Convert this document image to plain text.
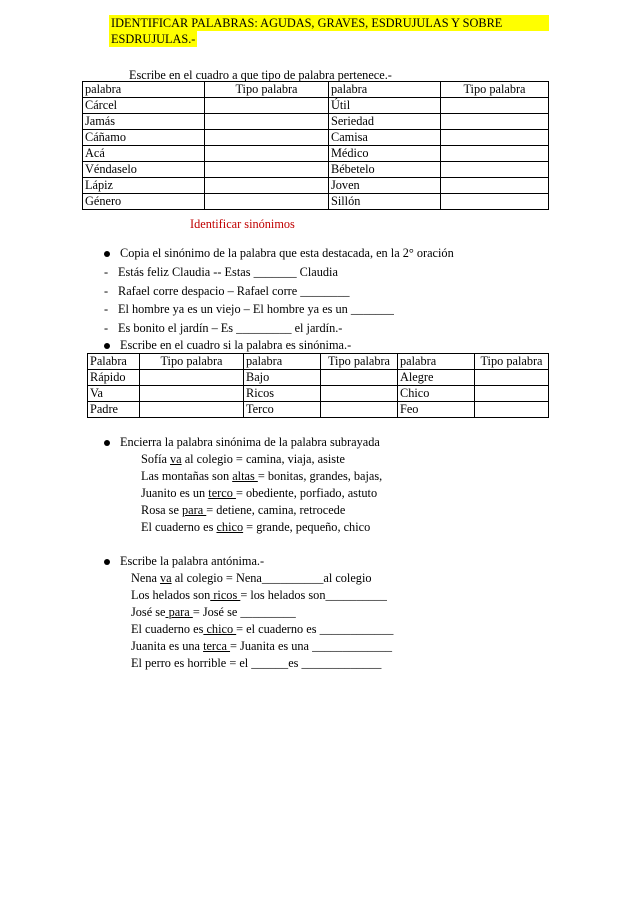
IDENTIFICAR PALABRAS: AGUDAS, GRAVES, ESDRUJULAS Y SOBRE
ESDRUJULAS.-
Escribe en el cuadro a que tipo de palabra pertenece.-
palabra	Tipo palabra	palabra	Tipo palabra
Cárcel		Útil	
Jamás		Seriedad	
Cáñamo		Camisa	
Acá		Médico	
Véndaselo		Bébetelo	
Lápiz		Joven	
Género		Sillón	
Identificar sinónimos
Copia el sinónimo de la palabra que esta destacada, en la 2° oración
- Estás feliz Claudia -- Estas _______ Claudia
- Rafael corre despacio – Rafael corre ________
- El hombre ya es un viejo – El hombre ya es un _______
- Es bonito el jardín – Es _________ el jardín.-
Escribe en el cuadro si la palabra es sinónima.-
Palabra	Tipo palabra	palabra	Tipo palabra	palabra	Tipo palabra
Rápido		Bajo		Alegre	
Va		Ricos		Chico	
Padre		Terco		Feo	
Encierra la palabra sinónima de la palabra subrayada
Sofía va al colegio = camina, viaja, asiste
Las montañas son altas = bonitas, grandes, bajas,
Juanito es un terco = obediente, porfiado, astuto
Rosa se para = detiene, camina, retrocede
El cuaderno es chico = grande, pequeño, chico
Escribe la palabra antónima.-
Nena va al colegio = Nena__________al colegio
Los helados son ricos = los helados son__________
José se para = José se _________
El cuaderno es chico = el cuaderno es ____________
Juanita es una terca = Juanita es una _____________
El perro es horrible = el ______es _____________
